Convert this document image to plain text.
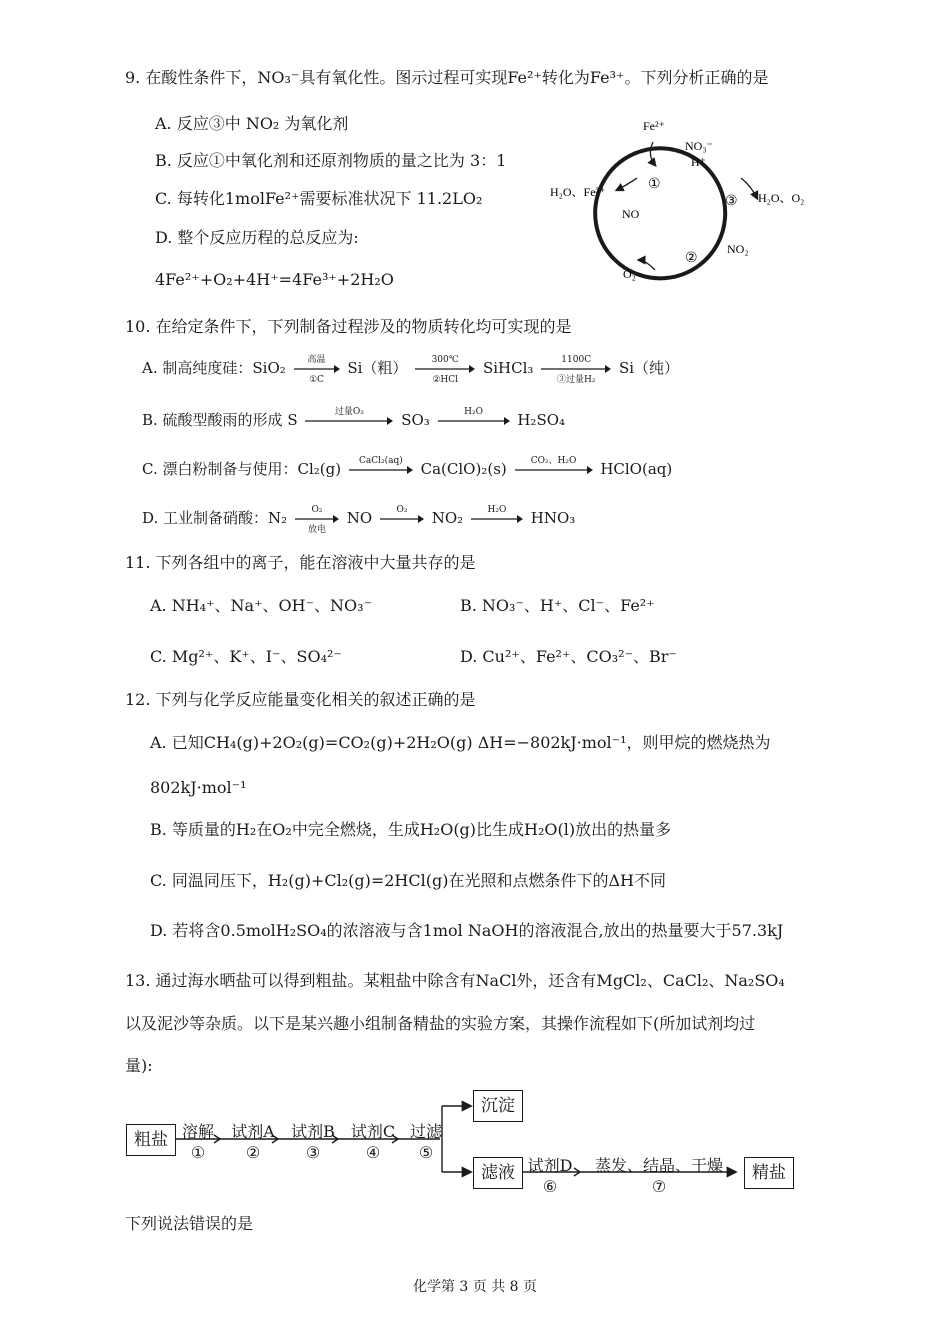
9. 在酸性条件下，NO₃⁻具有氧化性。图示过程可实现Fe²⁺转化为Fe³⁺。下列分析正确的是
A. 反应③中 NO₂ 为氧化剂
B. 反应①中氧化剂和还原剂物质的量之比为 3：1
C. 每转化1molFe²⁺需要标准状况下 11.2LO₂
D. 整个反应历程的总反应为:
4Fe²⁺+O₂+4H⁺=4Fe³⁺+2H₂O
Fe²⁺
NO₃⁻
H⁺
H₂O、Fe³⁺
NO
H₂O、O₂
NO₂
O₂
①
②
③
10. 在给定条件下，下列制备过程涉及的物质转化均可实现的是
A. 制高纯度硅：SiO₂	高温
①C
Si（粗）	300℃
②HCl
SiHCl₃	1100C
③过量H₂
Si（纯）
B. 硫酸型酸雨的形成 S	过量O₂	SO₃	H₂O	H₂SO₄
C. 漂白粉制备与使用：Cl₂(g)	CaCl₂(aq)	Ca(ClO)₂(s)	CO₂、H₂O	HClO(aq)
D. 工业制备硝酸：N₂	O₂
放电
NO	O₂	NO₂	H₂O	HNO₃
11. 下列各组中的离子，能在溶液中大量共存的是
A. NH₄⁺、Na⁺、OH⁻、NO₃⁻	B. NO₃⁻、H⁺、Cl⁻、Fe²⁺
C. Mg²⁺、K⁺、I⁻、SO₄²⁻	D. Cu²⁺、Fe²⁺、CO₃²⁻、Br⁻
12. 下列与化学反应能量变化相关的叙述正确的是
A. 已知CH₄(g)+2O₂(g)=CO₂(g)+2H₂O(g) ΔH=−802kJ·mol⁻¹，则甲烷的燃烧热为
802kJ·mol⁻¹
B. 等质量的H₂在O₂中完全燃烧，生成H₂O(g)比生成H₂O(l)放出的热量多
C. 同温同压下，H₂(g)+Cl₂(g)=2HCl(g)在光照和点燃条件下的ΔH不同
D. 若将含0.5molH₂SO₄的浓溶液与含1mol NaOH的溶液混合,放出的热量要大于57.3kJ
13. 通过海水晒盐可以得到粗盐。某粗盐中除含有NaCl外，还含有MgCl₂、CaCl₂、Na₂SO₄
以及泥沙等杂质。以下是某兴趣小组制备精盐的实验方案，其操作流程如下(所加试剂均过
量):
粗盐 溶解
①
试剂A
②
试剂B
③
试剂C
④
过滤
⑤
沉淀
滤液 试剂D
⑥
蒸发、结晶、干燥
⑦
精盐
下列说法错误的是
化学第 3 页 共 8 页
